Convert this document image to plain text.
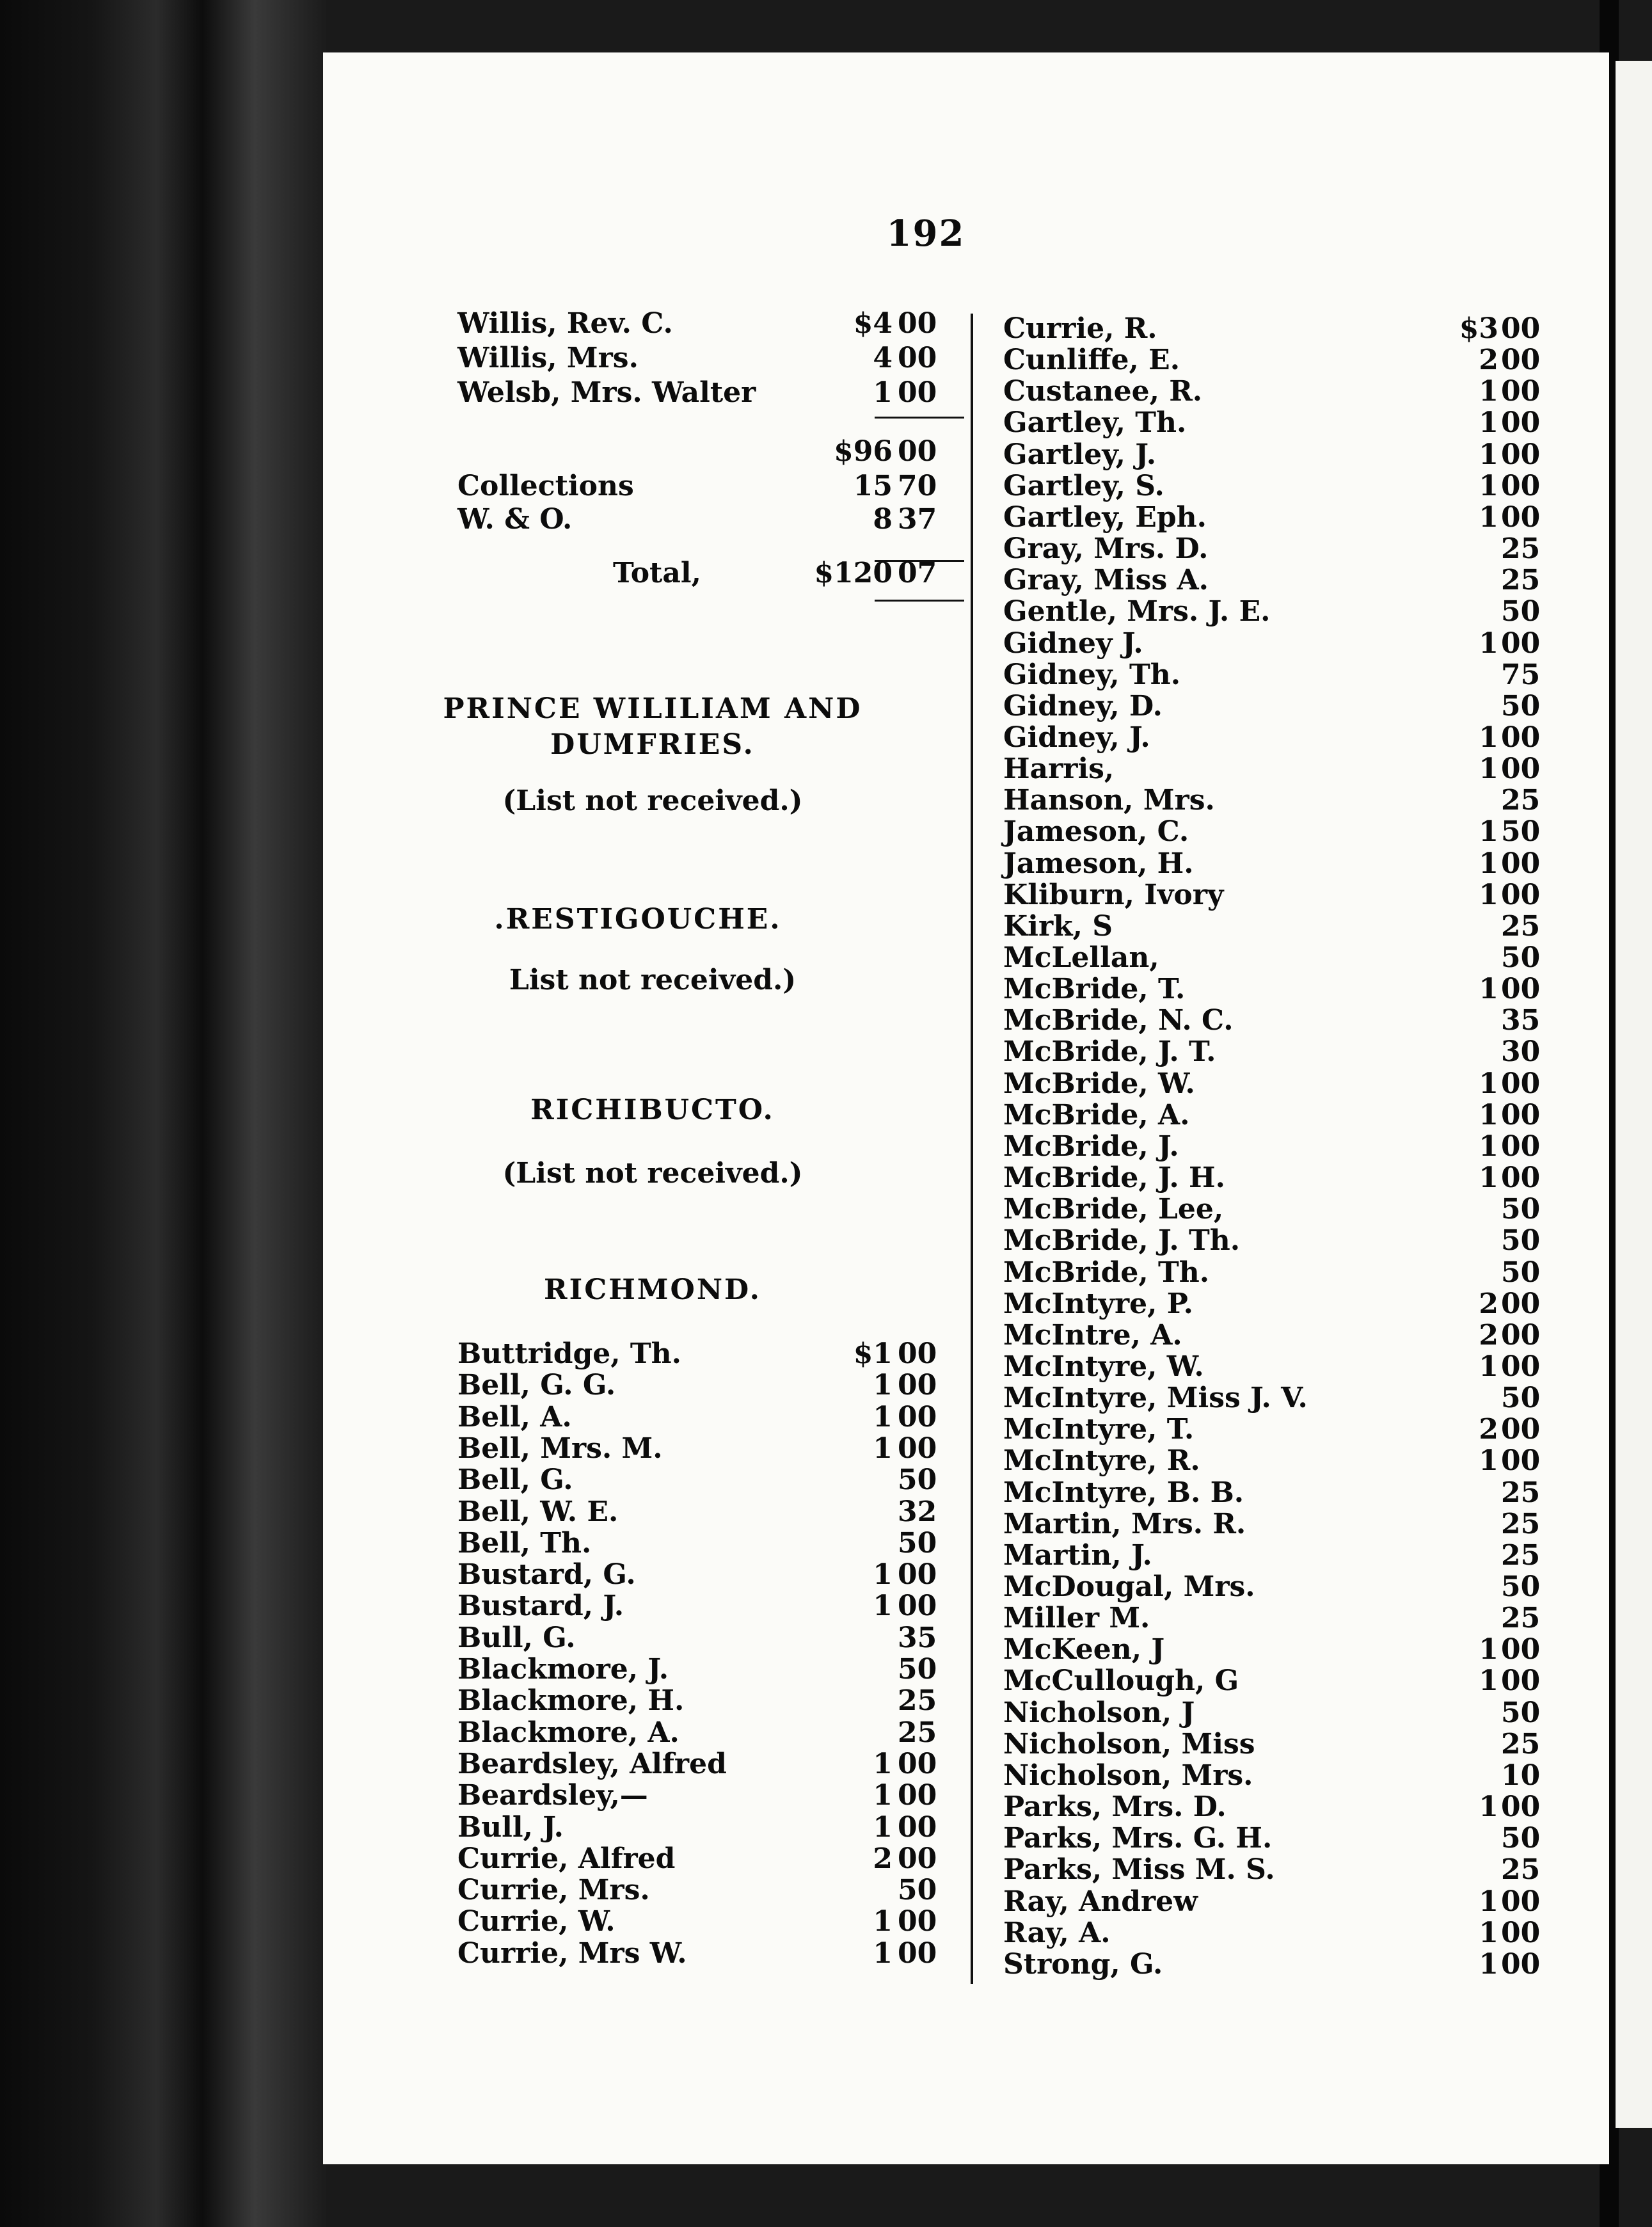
192
Willis, Rev. C.	$4 00
Willis, Mrs.	4 00
Welsb, Mrs. Walter	1 00
$96 00
Collections	15 70
W. & O.	8 37
Total,	$120 07
Buttridge, Th.	$1 00
Bell, G. G.	1 00
Bell, A.	1 00
Bell, Mrs. M.	1 00
Bell, G.	50
Bell, W. E.	32
Bell, Th.	50
Bustard, G.	1 00
Bustard, J.	1 00
Bull, G.	35
Blackmore, J.	50
Blackmore, H.	25
Blackmore, A.	25
Beardsley, Alfred	1 00
Beardsley,—	1 00
Bull, J.	1 00
Currie, Alfred	2 00
Currie, Mrs.	50
Currie, W.	1 00
Currie, Mrs W.	1 00
Currie, R.	$3 00
Cunliffe, E.	2 00
Custanee, R.	1 00
Gartley, Th.	1 00
Gartley, J.	1 00
Gartley, S.	1 00
Gartley, Eph.	1 00
Gray, Mrs. D.	25
Gray, Miss A.	25
Gentle, Mrs. J. E.	50
Gidney J.	1 00
Gidney, Th.	75
Gidney, D.	50
Gidney, J.	1 00
Harris,	1 00
Hanson, Mrs.	25
Jameson, C.	1 50
Jameson, H.	1 00
Kliburn, Ivory	1 00
Kirk, S	25
McLellan,	50
McBride, T.	1 00
McBride, N. C.	35
McBride, J. T.	30
McBride, W.	1 00
McBride, A.	1 00
McBride, J.	1 00
McBride, J. H.	1 00
McBride, Lee,	50
McBride, J. Th.	50
McBride, Th.	50
McIntyre, P.	2 00
McIntre, A.	2 00
McIntyre, W.	1 00
McIntyre, Miss J. V.	50
McIntyre, T.	2 00
McIntyre, R.	1 00
McIntyre, B. B.	25
Martin, Mrs. R.	25
Martin, J.	25
McDougal, Mrs.	50
Miller M.	25
McKeen, J	1 00
McCullough, G	1 00
Nicholson, J	50
Nicholson, Miss	25
Nicholson, Mrs.	10
Parks, Mrs. D.	1 00
Parks, Mrs. G. H.	50
Parks, Miss M. S.	25
Ray, Andrew	1 00
Ray, A.	1 00
Strong, G.	1 00
PRINCE WILILIAM AND
DUMFRIES.
(List not received.)
.RESTIGOUCHE.
List not received.)
RICHIBUCTO.
(List not received.)
RICHMOND.
